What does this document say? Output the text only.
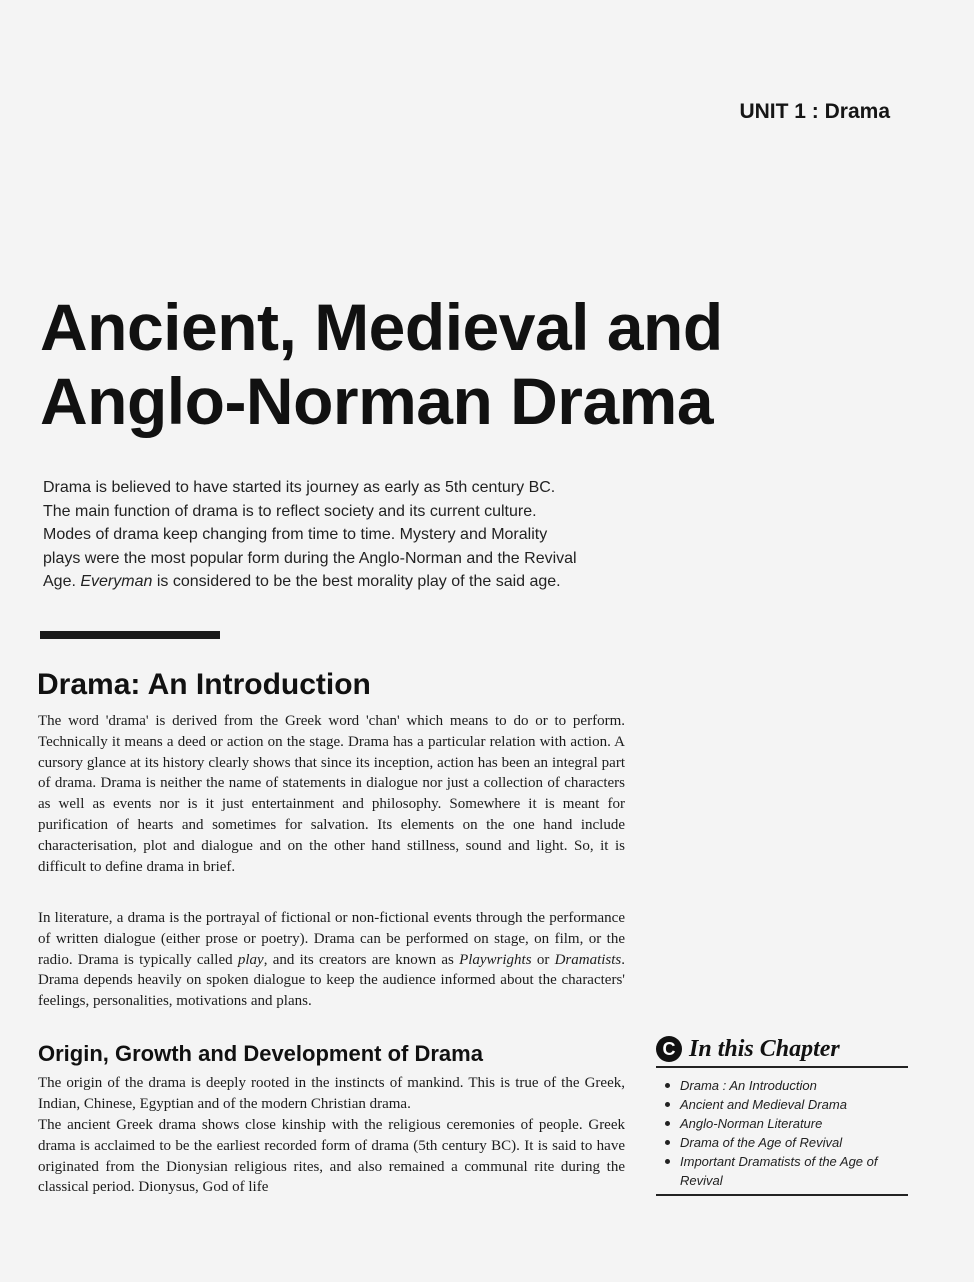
UNIT 1 : Drama
Ancient, Medieval and
Anglo-Norman Drama
Drama is believed to have started its journey as early as 5th century BC.
The main function of drama is to reflect society and its current culture.
Modes of drama keep changing from time to time. Mystery and Morality
plays were the most popular form during the Anglo-Norman and the Revival
Age. Everyman is considered to be the best morality play of the said age.
Drama: An Introduction

The word 'drama' is derived from the Greek word 'chan' which means to do or to perform. Technically it means a deed or action on the stage. Drama has a particular relation with action. A cursory glance at its history clearly shows that since its inception, action has been an integral part of drama. Drama is neither the name of statements in dialogue nor just a collection of characters as well as events nor is it just entertainment and philosophy. Somewhere it is meant for purification of hearts and sometimes for salvation. Its elements on the one hand include characterisation, plot and dialogue and on the other hand stillness, sound and light. So, it is difficult to define drama in brief.

In literature, a drama is the portrayal of fictional or non-fictional events through the performance of written dialogue (either prose or poetry). Drama can be performed on stage, on film, or the radio. Drama is typically called play, and its creators are known as Playwrights or Dramatists. Drama depends heavily on spoken dialogue to keep the audience informed about the characters' feelings, personalities, motivations and plans.

Origin, Growth and Development of Drama

The origin of the drama is deeply rooted in the instincts of mankind. This is true of the Greek, Indian, Chinese, Egyptian and of the modern Christian drama.

The ancient Greek drama shows close kinship with the religious ceremonies of people. Greek drama is acclaimed to be the earliest recorded form of drama (5th century BC). It is said to have originated from the Dionysian religious rites, and also remained a communal rite during the classical period. Dionysus, God of life

C In this Chapter
Drama : An Introduction
Ancient and Medieval Drama
Anglo-Norman Literature
Drama of the Age of Revival
Important Dramatists of the Age of Revival
